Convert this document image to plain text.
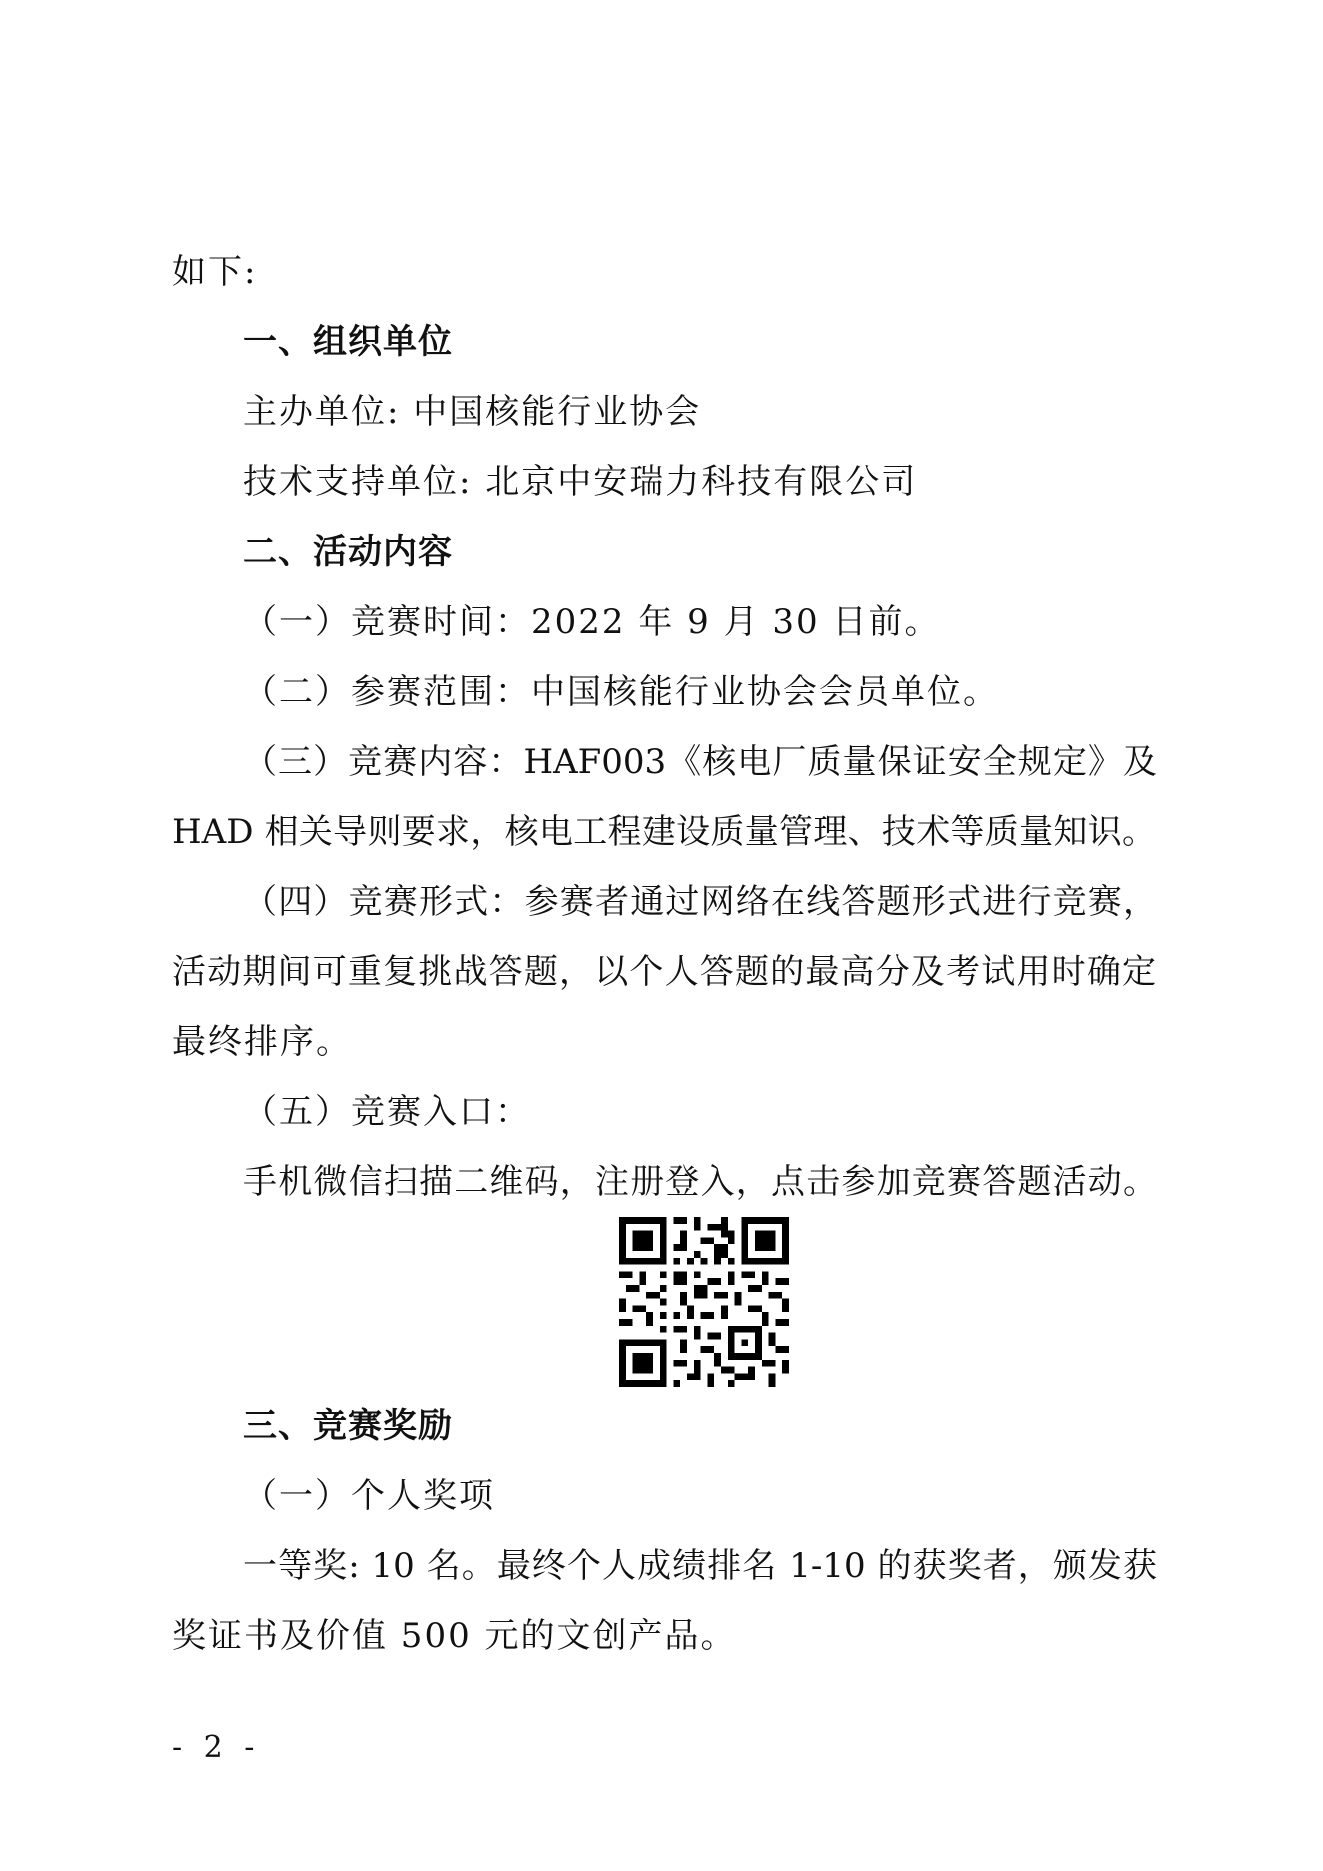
如下:
一、组织单位
主办单位: 中国核能行业协会
技术支持单位: 北京中安瑞力科技有限公司
二、活动内容
（一）竞赛时间：2022 年 9 月 30 日前。
（二）参赛范围：中国核能行业协会会员单位。
（三）竞赛内容：HAF003《核电厂质量保证安全规定》及
HAD 相关导则要求，核电工程建设质量管理、技术等质量知识。
（四）竞赛形式：参赛者通过网络在线答题形式进行竞赛，
活动期间可重复挑战答题，以个人答题的最高分及考试用时确定
最终排序。
（五）竞赛入口：
手机微信扫描二维码，注册登入，点击参加竞赛答题活动。
三、竞赛奖励
（一）个人奖项
一等奖: 10 名。最终个人成绩排名 1-10 的获奖者，颁发获
奖证书及价值 500 元的文创产品。
- 2 -
